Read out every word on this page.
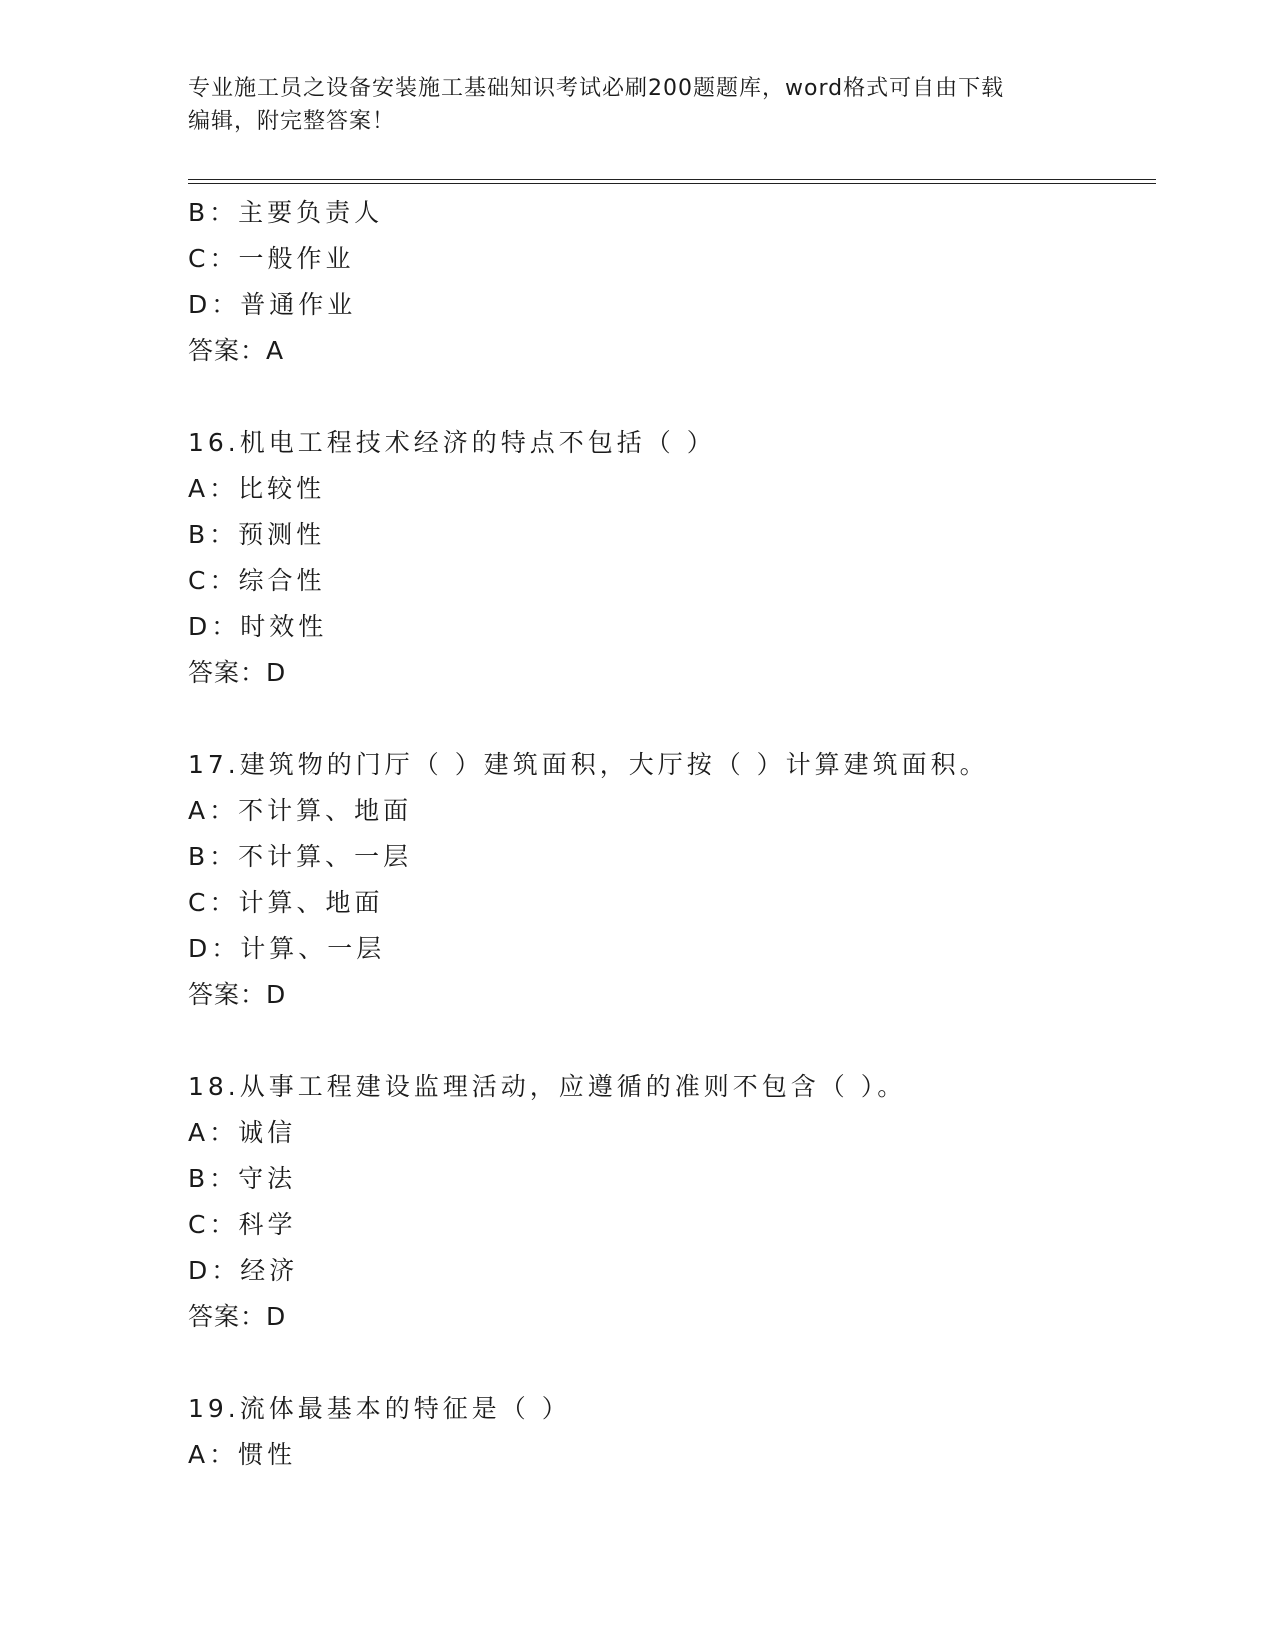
专业施工员之设备安装施工基础知识考试必刷200题题库，word格式可自由下载
编辑，附完整答案！
B：主要负责人
C：一般作业
D：普通作业
答案：A
16.机电工程技术经济的特点不包括（ ）
A：比较性
B：预测性
C：综合性
D：时效性
答案：D
17.建筑物的门厅（ ）建筑面积，大厅按（ ）计算建筑面积。
A：不计算、地面
B：不计算、一层
C：计算、地面
D：计算、一层
答案：D
18.从事工程建设监理活动，应遵循的准则不包含（ ）。
A：诚信
B：守法
C：科学
D：经济
答案：D
19.流体最基本的特征是（ ）
A：惯性
